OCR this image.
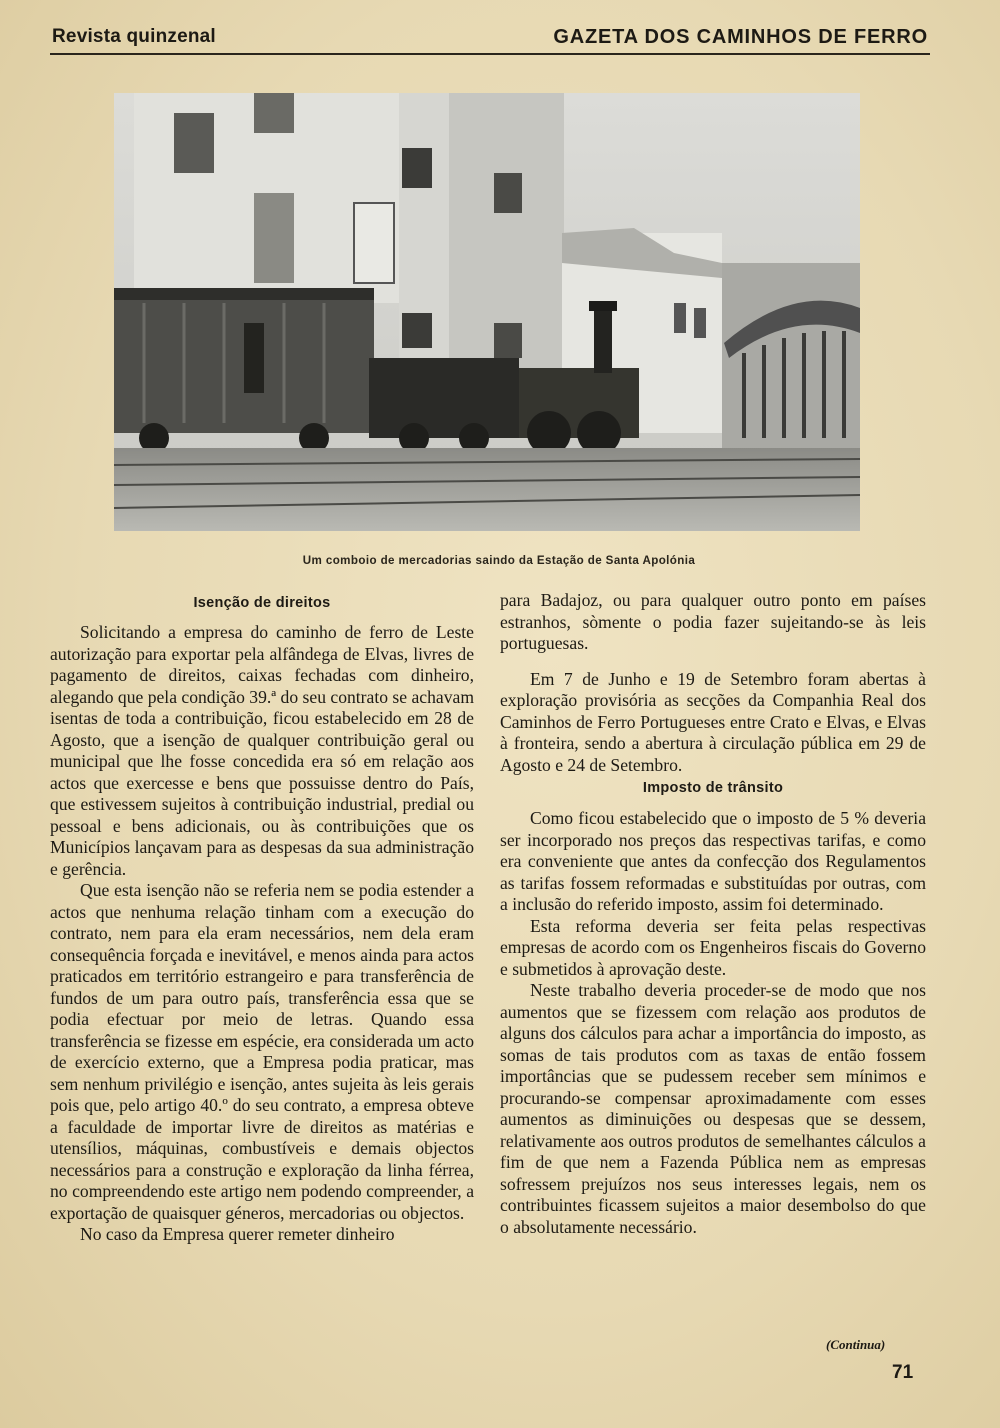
Revista quinzenal	GAZETA DOS CAMINHOS DE FERRO
Um comboio de mercadorias saindo da Estação de Santa Apolónia
Isenção de direitos

Solicitando a empresa do caminho de ferro de Leste autorização para exportar pela alfândega de Elvas, livres de pagamento de direitos, caixas fechadas com dinheiro, alegando que pela condição 39.ª do seu contrato se achavam isentas de toda a contribuição, ficou estabelecido em 28 de Agosto, que a isenção de qualquer contribuição geral ou municipal que lhe fosse concedida era só em relação aos actos que exercesse e bens que possuisse dentro do País, que estivessem sujeitos à contribuição industrial, predial ou pessoal e bens adicionais, ou às contribuições que os Municípios lançavam para as despesas da sua administração e gerência.

Que esta isenção não se referia nem se podia estender a actos que nenhuma relação tinham com a execução do contrato, nem para ela eram necessários, nem dela eram consequência forçada e inevitável, e menos ainda para actos praticados em território estrangeiro e para transferência de fundos de um para outro país, transferência essa que se podia efectuar por meio de letras. Quando essa transferência se fizesse em espécie, era considerada um acto de exercício externo, que a Empresa podia praticar, mas sem nenhum privilégio e isenção, antes sujeita às leis gerais pois que, pelo artigo 40.º do seu contrato, a empresa obteve a faculdade de importar livre de direitos as matérias e utensílios, máquinas, combustíveis e demais objectos necessários para a construção e exploração da linha férrea, no compreendendo este artigo nem podendo compreender, a exportação de quaisquer géneros, mercadorias ou objectos.

No caso da Empresa querer remeter dinheiro

para Badajoz, ou para qualquer outro ponto em países estranhos, sòmente o podia fazer sujeitando-se às leis portuguesas.

Em 7 de Junho e 19 de Setembro foram abertas à exploração provisória as secções da Companhia Real dos Caminhos de Ferro Portugueses entre Crato e Elvas, e Elvas à fronteira, sendo a abertura à circulação pública em 29 de Agosto e 24 de Setembro.

Imposto de trânsito

Como ficou estabelecido que o imposto de 5 % deveria ser incorporado nos preços das respectivas tarifas, e como era conveniente que antes da confecção dos Regulamentos as tarifas fossem reformadas e substituídas por outras, com a inclusão do referido imposto, assim foi determinado.

Esta reforma deveria ser feita pelas respectivas empresas de acordo com os Engenheiros fiscais do Governo e submetidos à aprovação deste.

Neste trabalho deveria proceder-se de modo que nos aumentos que se fizessem com relação aos produtos de alguns dos cálculos para achar a importância do imposto, as somas de tais produtos com as taxas de então fossem importâncias que se pudessem receber sem mínimos e procurando-se compensar aproximadamente com esses aumentos as diminuições ou despesas que se dessem, relativamente aos outros produtos de semelhantes cálculos a fim de que nem a Fazenda Pública nem as empresas sofressem prejuízos nos seus interesses legais, nem os contribuintes ficassem sujeitos a maior desembolso do que o absolutamente necessário.

(Continua)
71
